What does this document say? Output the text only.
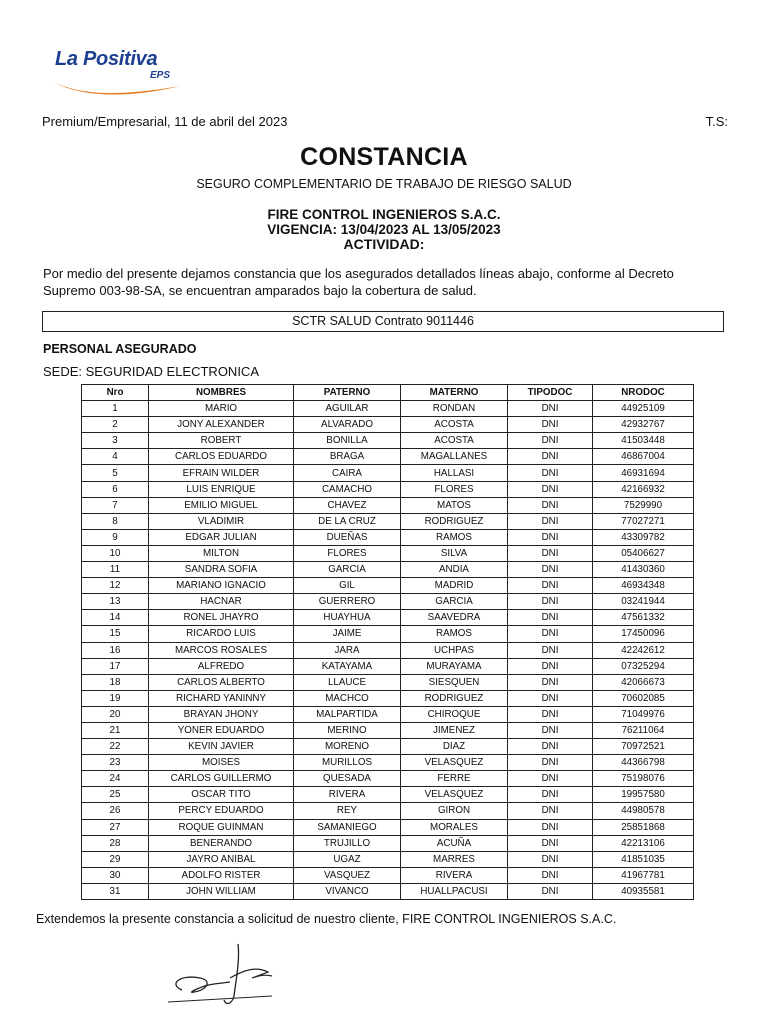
La Positiva
EPS
Premium/Empresarial, 11 de abril del 2023	T.S:
CONSTANCIA
SEGURO COMPLEMENTARIO DE TRABAJO DE RIESGO SALUD
FIRE CONTROL INGENIEROS S.A.C.
VIGENCIA: 13/04/2023 AL 13/05/2023
ACTIVIDAD:
Por medio del presente dejamos constancia que los asegurados detallados líneas abajo, conforme al Decreto Supremo 003-98-SA, se encuentran amparados bajo la cobertura de salud.
SCTR SALUD Contrato 9011446
PERSONAL ASEGURADO
SEDE: SEGURIDAD ELECTRONICA
Nro	NOMBRES	PATERNO	MATERNO	TIPODOC	NRODOC
1	MARIO	AGUILAR	RONDAN	DNI	44925109
2	JONY ALEXANDER	ALVARADO	ACOSTA	DNI	42932767
3	ROBERT	BONILLA	ACOSTA	DNI	41503448
4	CARLOS EDUARDO	BRAGA	MAGALLANES	DNI	46867004
5	EFRAIN WILDER	CAIRA	HALLASI	DNI	46931694
6	LUIS ENRIQUE	CAMACHO	FLORES	DNI	42166932
7	EMILIO MIGUEL	CHAVEZ	MATOS	DNI	7529990
8	VLADIMIR	DE LA CRUZ	RODRIGUEZ	DNI	77027271
9	EDGAR JULIAN	DUEÑAS	RAMOS	DNI	43309782
10	MILTON	FLORES	SILVA	DNI	05406627
11	SANDRA SOFIA	GARCIA	ANDIA	DNI	41430360
12	MARIANO IGNACIO	GIL	MADRID	DNI	46934348
13	HACNAR	GUERRERO	GARCIA	DNI	03241944
14	RONEL JHAYRO	HUAYHUA	SAAVEDRA	DNI	47561332
15	RICARDO LUIS	JAIME	RAMOS	DNI	17450096
16	MARCOS ROSALES	JARA	UCHPAS	DNI	42242612
17	ALFREDO	KATAYAMA	MURAYAMA	DNI	07325294
18	CARLOS ALBERTO	LLAUCE	SIESQUEN	DNI	42066673
19	RICHARD YANINNY	MACHCO	RODRIGUEZ	DNI	70602085
20	BRAYAN JHONY	MALPARTIDA	CHIROQUE	DNI	71049976
21	YONER EDUARDO	MERINO	JIMENEZ	DNI	76211064
22	KEVIN JAVIER	MORENO	DIAZ	DNI	70972521
23	MOISES	MURILLOS	VELASQUEZ	DNI	44366798
24	CARLOS GUILLERMO	QUESADA	FERRE	DNI	75198076
25	OSCAR TITO	RIVERA	VELASQUEZ	DNI	19957580
26	PERCY EDUARDO	REY	GIRON	DNI	44980578
27	ROQUE GUINMAN	SAMANIEGO	MORALES	DNI	25851868
28	BENERANDO	TRUJILLO	ACUÑA	DNI	42213106
29	JAYRO ANIBAL	UGAZ	MARRES	DNI	41851035
30	ADOLFO RISTER	VASQUEZ	RIVERA	DNI	41967781
31	JOHN WILLIAM	VIVANCO	HUALLPACUSI	DNI	40935581
Extendemos la presente constancia a solicitud de nuestro cliente, FIRE CONTROL INGENIEROS S.A.C.
